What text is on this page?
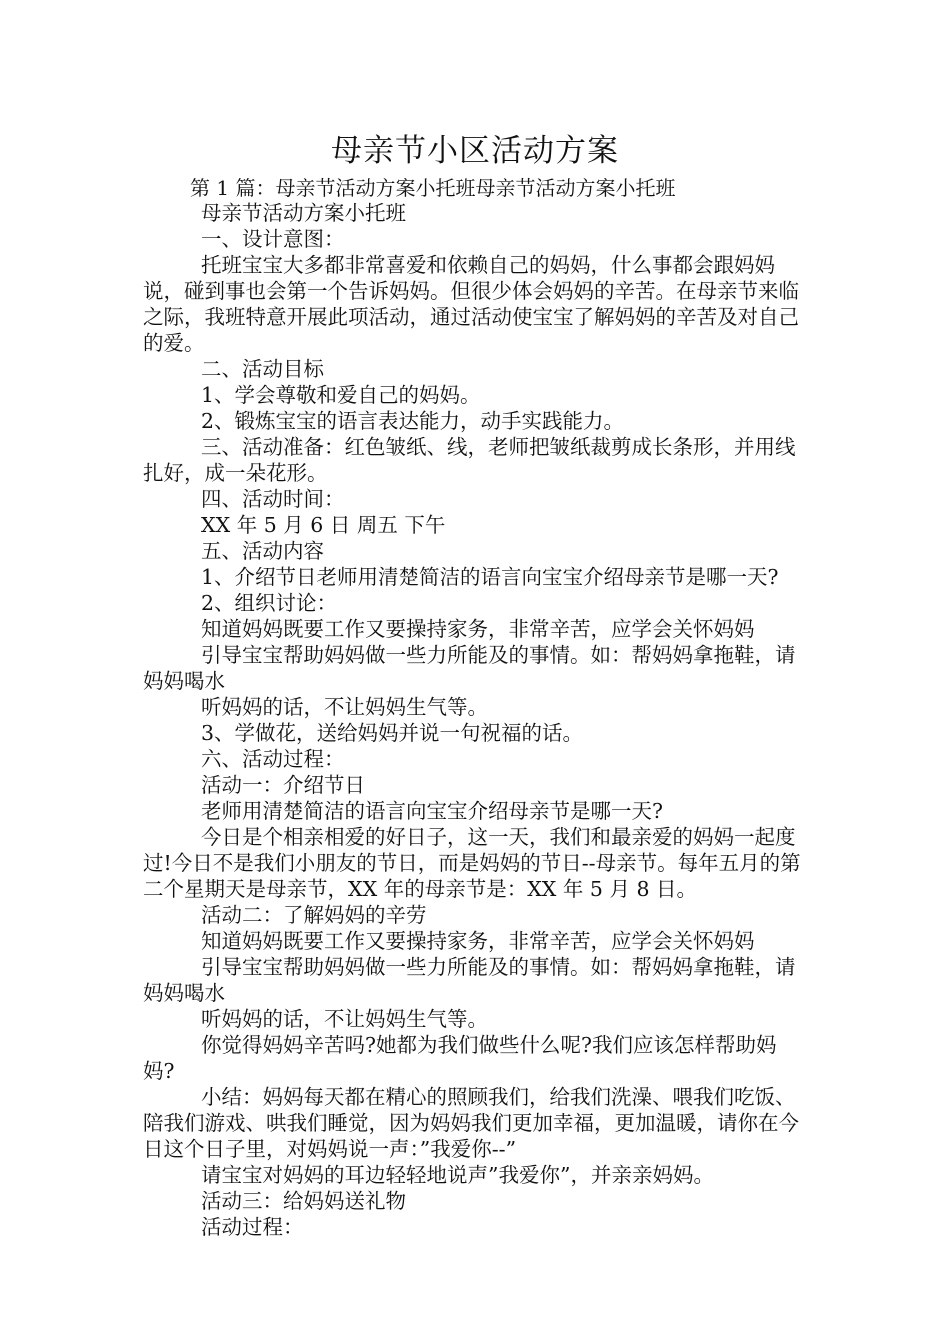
母亲节小区活动方案

第 1 篇：母亲节活动方案小托班母亲节活动方案小托班

母亲节活动方案小托班

一、设计意图：

托班宝宝大多都非常喜爱和依赖自己的妈妈，什么事都会跟妈妈说，碰到事也会第一个告诉妈妈。但很少体会妈妈的辛苦。在母亲节来临之际，我班特意开展此项活动，通过活动使宝宝了解妈妈的辛苦及对自己的爱。

二、活动目标

1、学会尊敬和爱自己的妈妈。

2、锻炼宝宝的语言表达能力，动手实践能力。

三、活动准备：红色皱纸、线，老师把皱纸裁剪成长条形，并用线扎好，成一朵花形。

四、活动时间：

XX 年 5 月 6 日 周五 下午

五、活动内容

1、介绍节日老师用清楚简洁的语言向宝宝介绍母亲节是哪一天?

2、组织讨论：

知道妈妈既要工作又要操持家务，非常辛苦，应学会关怀妈妈

引导宝宝帮助妈妈做一些力所能及的事情。如：帮妈妈拿拖鞋，请妈妈喝水

听妈妈的话，不让妈妈生气等。

3、学做花，送给妈妈并说一句祝福的话。

六、活动过程：

活动一：介绍节日

老师用清楚简洁的语言向宝宝介绍母亲节是哪一天?

今日是个相亲相爱的好日子，这一天，我们和最亲爱的妈妈一起度过!今日不是我们小朋友的节日，而是妈妈的节日--母亲节。每年五月的第二个星期天是母亲节，XX 年的母亲节是：XX 年 5 月 8 日。

活动二：了解妈妈的辛劳

知道妈妈既要工作又要操持家务，非常辛苦，应学会关怀妈妈

引导宝宝帮助妈妈做一些力所能及的事情。如：帮妈妈拿拖鞋，请妈妈喝水

听妈妈的话，不让妈妈生气等。

你觉得妈妈辛苦吗?她都为我们做些什么呢?我们应该怎样帮助妈妈?

小结：妈妈每天都在精心的照顾我们，给我们洗澡、喂我们吃饭、陪我们游戏、哄我们睡觉，因为妈妈我们更加幸福，更加温暖，请你在今日这个日子里，对妈妈说一声：”我爱你--”

请宝宝对妈妈的耳边轻轻地说声”我爱你”，并亲亲妈妈。

活动三：给妈妈送礼物

活动过程：
